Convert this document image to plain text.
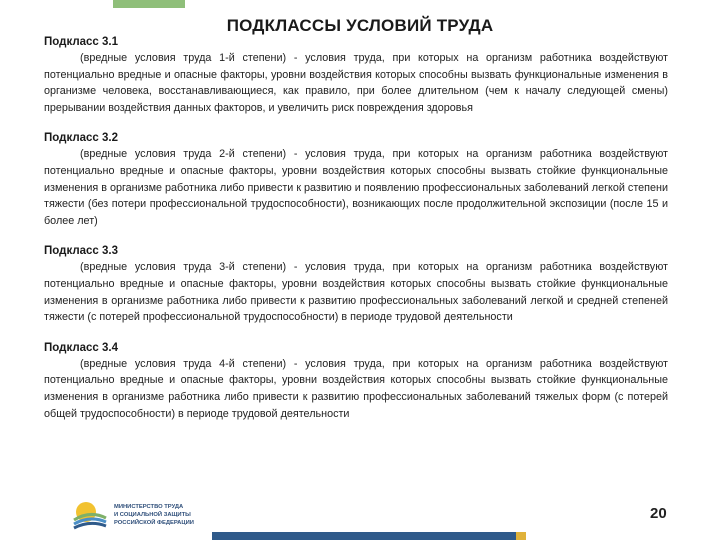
ПОДКЛАССЫ УСЛОВИЙ ТРУДА
Подкласс 3.1
(вредные условия труда 1-й степени) - условия труда, при которых на организм работника воздействуют потенциально вредные и опасные факторы, уровни воздействия которых способны вызвать функциональные изменения в организме человека, восстанавливающиеся, как правило, при более длительном (чем к началу следующей смены) прерывании воздействия данных факторов, и увеличить риск повреждения здоровья
Подкласс 3.2
(вредные условия труда 2-й степени) - условия труда, при которых на организм работника воздействуют потенциально вредные и опасные факторы, уровни воздействия которых способны вызвать стойкие функциональные изменения в организме работника либо привести к развитию и появлению профессиональных заболеваний легкой степени тяжести (без потери профессиональной трудоспособности), возникающих после продолжительной экспозиции (после 15 и более лет)
Подкласс 3.3
(вредные условия труда 3-й степени) - условия труда, при которых на организм работника воздействуют потенциально вредные и опасные факторы, уровни воздействия которых способны вызвать стойкие функциональные изменения в организме работника либо привести к развитию профессиональных заболеваний легкой и средней степеней тяжести (с потерей профессиональной трудоспособности) в периоде трудовой деятельности
Подкласс 3.4
(вредные условия труда 4-й степени) - условия труда, при которых на организм работника воздействуют потенциально вредные и опасные факторы, уровни воздействия которых способны вызвать стойкие функциональные изменения в организме работника либо привести к развитию профессиональных заболеваний тяжелых форм (с потерей общей трудоспособности) в периоде трудовой деятельности
МИНИСТЕРСТВО ТРУДА
И СОЦИАЛЬНОЙ ЗАЩИТЫ
РОССИЙСКОЙ ФЕДЕРАЦИИ
20
